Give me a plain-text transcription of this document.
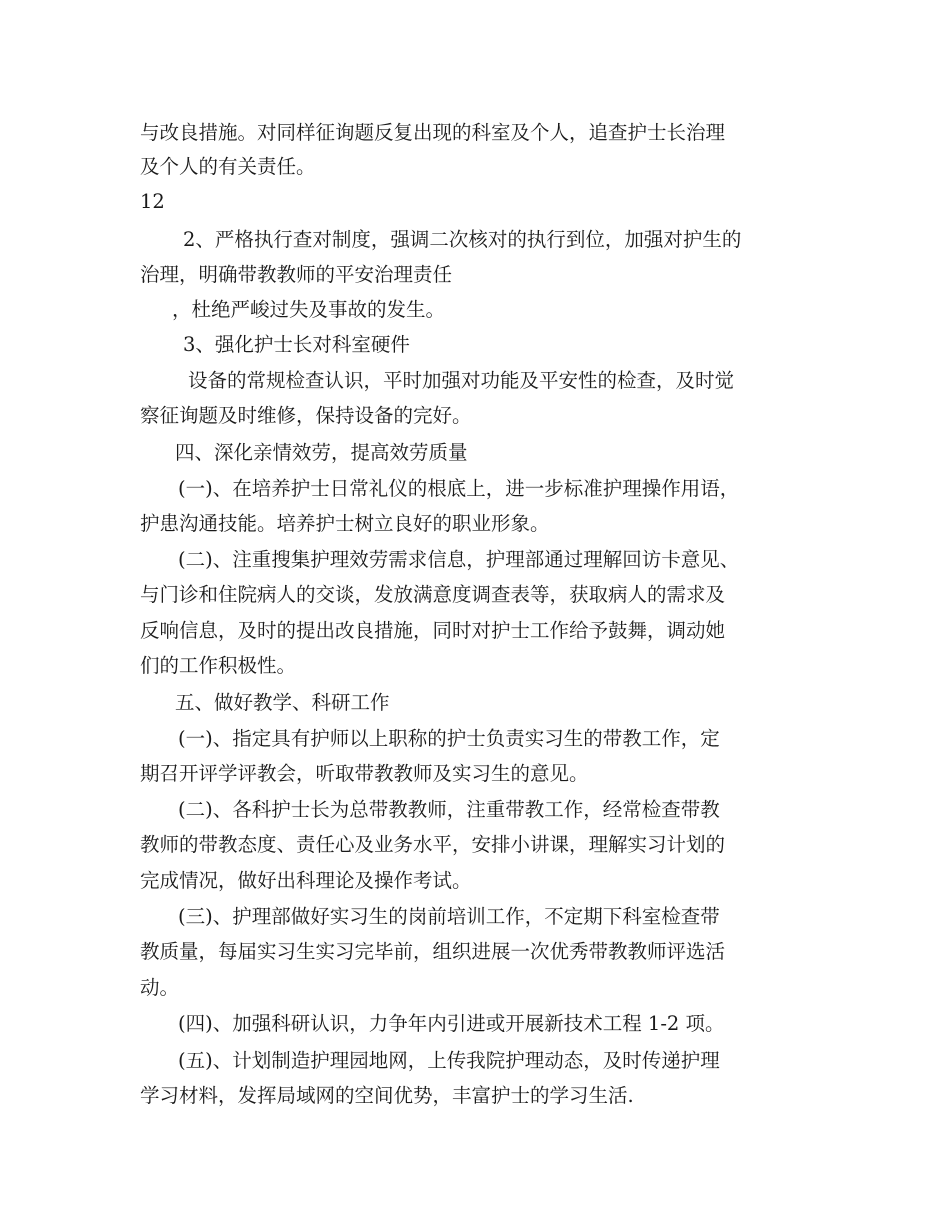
与改良措施。对同样征询题反复出现的科室及个人，追查护士长治理
及个人的有关责任。
12
2、严格执行查对制度，强调二次核对的执行到位，加强对护生的
治理，明确带教教师的平安治理责任
，杜绝严峻过失及事故的发生。
3、强化护士长对科室硬件
设备的常规检查认识，平时加强对功能及平安性的检查，及时觉
察征询题及时维修，保持设备的完好。
四、深化亲情效劳，提高效劳质量
(一)、在培养护士日常礼仪的根底上，进一步标准护理操作用语，
护患沟通技能。培养护士树立良好的职业形象。
(二)、注重搜集护理效劳需求信息，护理部通过理解回访卡意见、
与门诊和住院病人的交谈，发放满意度调查表等，获取病人的需求及
反响信息，及时的提出改良措施，同时对护士工作给予鼓舞，调动她
们的工作积极性。
五、做好教学、科研工作
(一)、指定具有护师以上职称的护士负责实习生的带教工作，定
期召开评学评教会，听取带教教师及实习生的意见。
(二)、各科护士长为总带教教师，注重带教工作，经常检查带教
教师的带教态度、责任心及业务水平，安排小讲课，理解实习计划的
完成情况，做好出科理论及操作考试。
(三)、护理部做好实习生的岗前培训工作，不定期下科室检查带
教质量，每届实习生实习完毕前，组织进展一次优秀带教教师评选活
动。
(四)、加强科研认识，力争年内引进或开展新技术工程 1-2 项。
(五)、计划制造护理园地网，上传我院护理动态，及时传递护理
学习材料，发挥局域网的空间优势，丰富护士的学习生活.
